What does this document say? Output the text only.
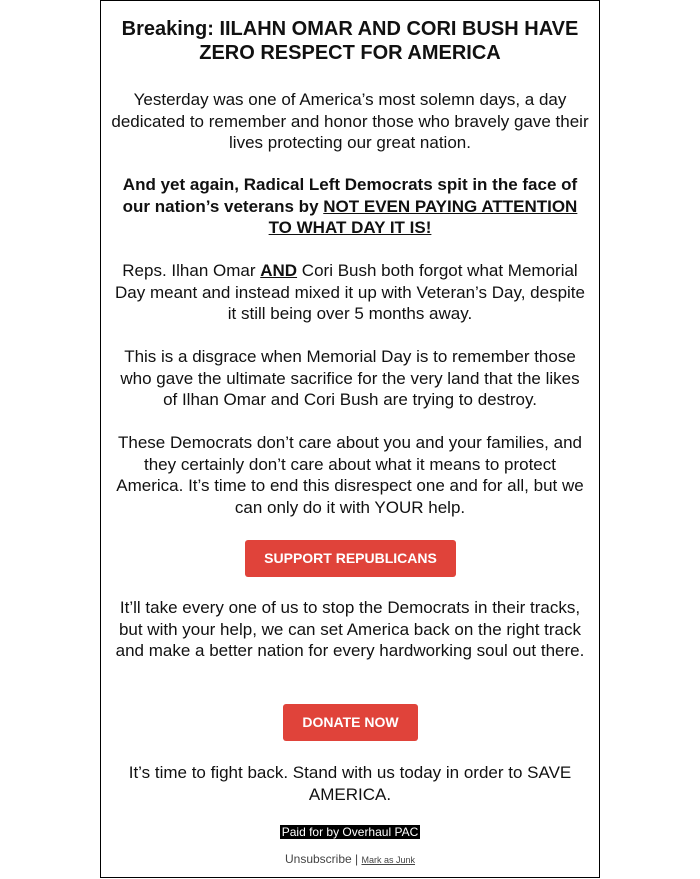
Breaking: IILAHN OMAR AND CORI BUSH HAVE ZERO RESPECT FOR AMERICA

Yesterday was one of America’s most solemn days, a day dedicated to remember and honor those who bravely gave their lives protecting our great nation.

And yet again, Radical Left Democrats spit in the face of our nation’s veterans by NOT EVEN PAYING ATTENTION TO WHAT DAY IT IS!

Reps. Ilhan Omar AND Cori Bush both forgot what Memorial Day meant and instead mixed it up with Veteran’s Day, despite it still being over 5 months away.

This is a disgrace when Memorial Day is to remember those who gave the ultimate sacrifice for the very land that the likes of Ilhan Omar and Cori Bush are trying to destroy.

These Democrats don’t care about you and your families, and they certainly don’t care about what it means to protect America. It’s time to end this disrespect one and for all, but we can only do it with YOUR help.

SUPPORT REPUBLICANS

It’ll take every one of us to stop the Democrats in their tracks, but with your help, we can set America back on the right track and make a better nation for every hardworking soul out there.

DONATE NOW

It’s time to fight back. Stand with us today in order to SAVE AMERICA.

Paid for by Overhaul PAC
Unsubscribe | Mark as Junk
